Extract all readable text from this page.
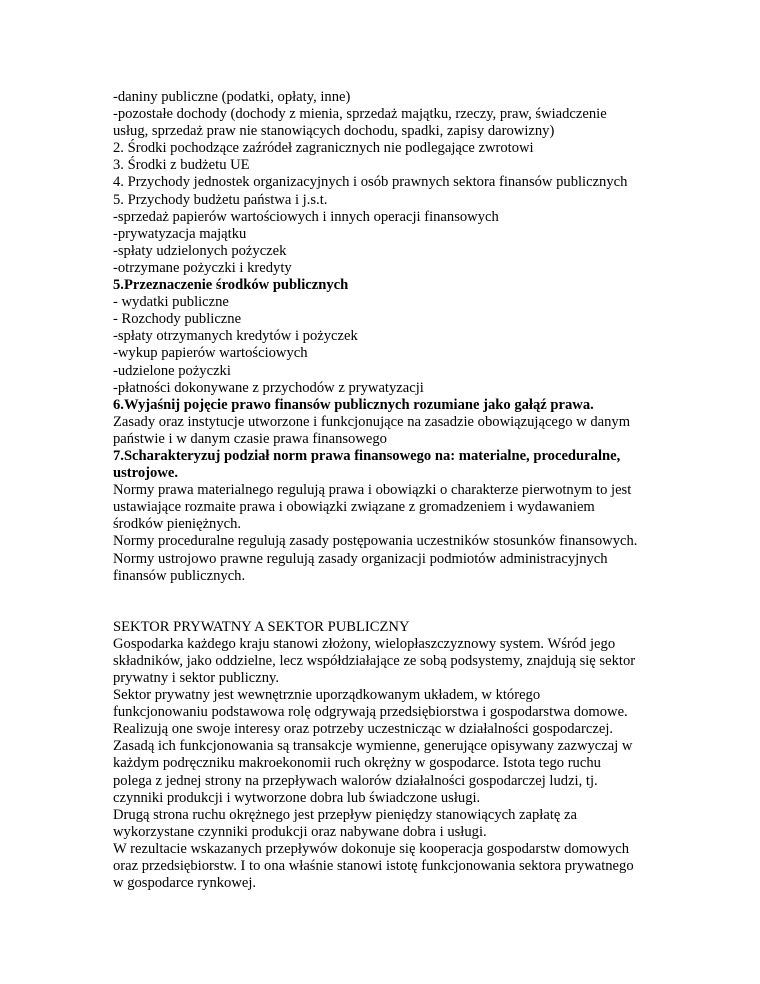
-daniny publiczne (podatki, opłaty, inne)
-pozostałe dochody (dochody z mienia, sprzedaż majątku, rzeczy, praw, świadczenie
usług, sprzedaż praw nie stanowiących dochodu, spadki, zapisy darowizny)
2. Środki pochodzące zaźródeł zagranicznych nie podlegające zwrotowi
3. Środki z budżetu UE
4. Przychody jednostek organizacyjnych i osób prawnych sektora finansów publicznych
5. Przychody budżetu państwa i j.s.t.
-sprzedaż papierów wartościowych i innych operacji finansowych
-prywatyzacja majątku
-spłaty udzielonych pożyczek
-otrzymane pożyczki i kredyty
5.Przeznaczenie środków publicznych
- wydatki publiczne
- Rozchody publiczne
-spłaty otrzymanych kredytów i pożyczek
-wykup papierów wartościowych
-udzielone pożyczki
-płatności dokonywane z przychodów z prywatyzacji
6.Wyjaśnij pojęcie prawo finansów publicznych rozumiane jako gałąź prawa.
Zasady oraz instytucje utworzone i funkcjonujące na zasadzie obowiązującego w danym
państwie i w danym czasie prawa finansowego
7.Scharakteryzuj podział norm prawa finansowego na: materialne, proceduralne,
ustrojowe.
Normy prawa materialnego regulują prawa i obowiązki o charakterze pierwotnym to jest
ustawiające rozmaite prawa i obowiązki związane z gromadzeniem i wydawaniem
środków pieniężnych.
Normy proceduralne regulują zasady postępowania uczestników stosunków finansowych.
Normy ustrojowo prawne regulują zasady organizacji podmiotów administracyjnych
finansów publicznych.
SEKTOR PRYWATNY A SEKTOR PUBLICZNY
Gospodarka każdego kraju stanowi złożony, wielopłaszczyznowy system. Wśród jego
składników, jako oddzielne, lecz współdziałające ze sobą podsystemy, znajdują się sektor
prywatny i sektor publiczny.
Sektor prywatny jest wewnętrznie uporządkowanym układem, w którego
funkcjonowaniu podstawowa rolę odgrywają przedsiębiorstwa i gospodarstwa domowe.
Realizują one swoje interesy oraz potrzeby uczestnicząc w działalności gospodarczej.
Zasadą ich funkcjonowania są transakcje wymienne, generujące opisywany zazwyczaj w
każdym podręczniku makroekonomii ruch okrężny w gospodarce. Istota tego ruchu
polega z jednej strony na przepływach walorów działalności gospodarczej ludzi, tj.
czynniki produkcji i wytworzone dobra lub świadczone usługi.
Drugą strona ruchu okrężnego jest przepływ pieniędzy stanowiących zapłatę za
wykorzystane czynniki produkcji oraz nabywane dobra i usługi.
W rezultacie wskazanych przepływów dokonuje się kooperacja gospodarstw domowych
oraz przedsiębiorstw. I to ona właśnie stanowi istotę funkcjonowania sektora prywatnego
w gospodarce rynkowej.
